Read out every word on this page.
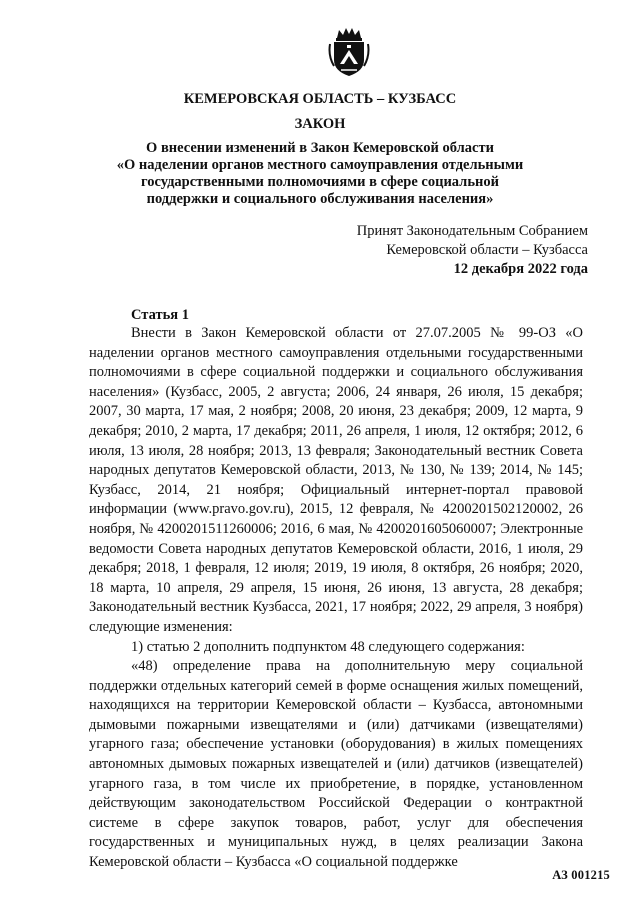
КЕМЕРОВСКАЯ ОБЛАСТЬ – КУЗБАСС
ЗАКОН
О внесении изменений в Закон Кемеровской области
«О наделении органов местного самоуправления отдельными
государственными полномочиями в сфере социальной
поддержки и социального обслуживания населения»
Принят Законодательным Собранием
Кемеровской области – Кузбасса
12 декабря 2022 года
Статья 1

Внести в Закон Кемеровской области от 27.07.2005 № 99-ОЗ «О наделении органов местного самоуправления отдельными государственными полномочиями в сфере социальной поддержки и социального обслуживания населения» (Кузбасс, 2005, 2 августа; 2006, 24 января, 26 июля, 15 декабря; 2007, 30 марта, 17 мая, 2 ноября; 2008, 20 июня, 23 декабря; 2009, 12 марта, 9 декабря; 2010, 2 марта, 17 декабря; 2011, 26 апреля, 1 июля, 12 октября; 2012, 6 июля, 13 июля, 28 ноября; 2013, 13 февраля; Законодательный вестник Совета народных депутатов Кемеровской области, 2013, № 130, № 139; 2014, № 145; Кузбасс, 2014, 21 ноября; Официальный интернет-портал правовой информации (www.pravo.gov.ru), 2015, 12 февраля, № 4200201502120002, 26 ноября, № 4200201511260006; 2016, 6 мая, № 4200201605060007; Электронные ведомости Совета народных депутатов Кемеровской области, 2016, 1 июля, 29 декабря; 2018, 1 февраля, 12 июля; 2019, 19 июля, 8 октября, 26 ноября; 2020, 18 марта, 10 апреля, 29 апреля, 15 июня, 26 июня, 13 августа, 28 декабря; Законодательный вестник Кузбасса, 2021, 17 ноября; 2022, 29 апреля, 3 ноября) следующие изменения:

1) статью 2 дополнить подпунктом 48 следующего содержания:

«48) определение права на дополнительную меру социальной поддержки отдельных категорий семей в форме оснащения жилых помещений, находящихся на территории Кемеровской области – Кузбасса, автономными дымовыми пожарными извещателями и (или) датчиками (извещателями) угарного газа; обеспечение установки (оборудования) в жилых помещениях автономных дымовых пожарных извещателей и (или) датчиков (извещателей) угарного газа, в том числе их приобретение, в порядке, установленном действующим законодательством Российской Федерации о контрактной системе в сфере закупок товаров, работ, услуг для обеспечения государственных и муниципальных нужд, в целях реализации Закона Кемеровской области – Кузбасса «О социальной поддержке

АЗ 001215
